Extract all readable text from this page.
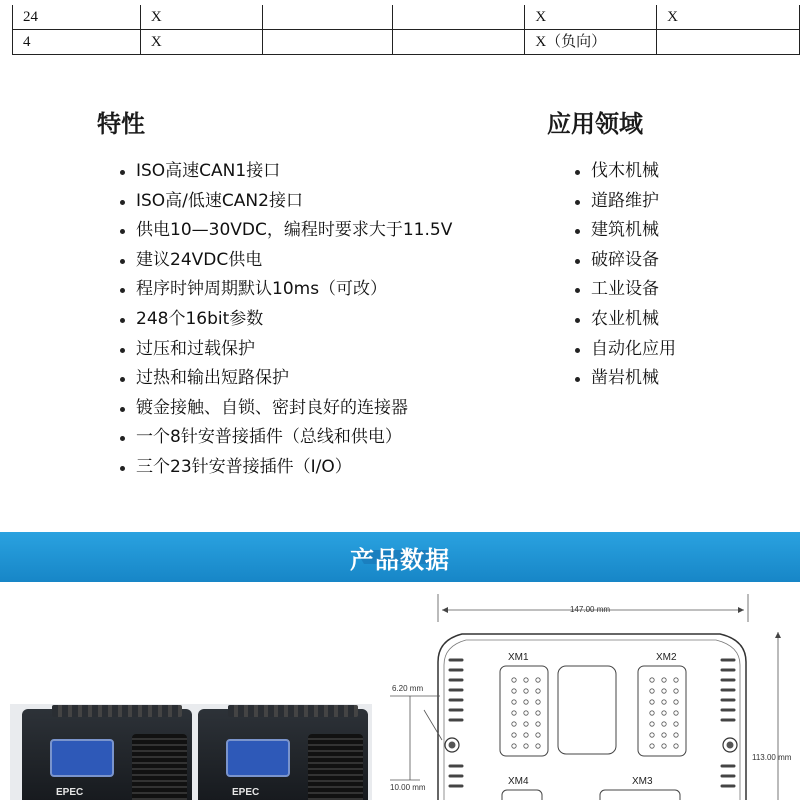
24	X			X	X
4	X			X（负向）	
特性
ISO高速CAN1接口
ISO高/低速CAN2接口
供电10—30VDC，编程时要求大于11.5V
建议24VDC供电
程序时钟周期默认10ms（可改）
248个16bit参数
过压和过载保护
过热和输出短路保护
镀金接触、自锁、密封良好的连接器
一个8针安普接插件（总线和供电）
三个23针安普接插件（I/O）
应用领域
伐木机械
道路维护
建筑机械
破碎设备
工业设备
农业机械
自动化应用
凿岩机械
产品数据
EPEC	EPEC
147.00 mm
113.00 mm
6.20 mm
10.00 mm
XM1	XM2
XM4	XM3
